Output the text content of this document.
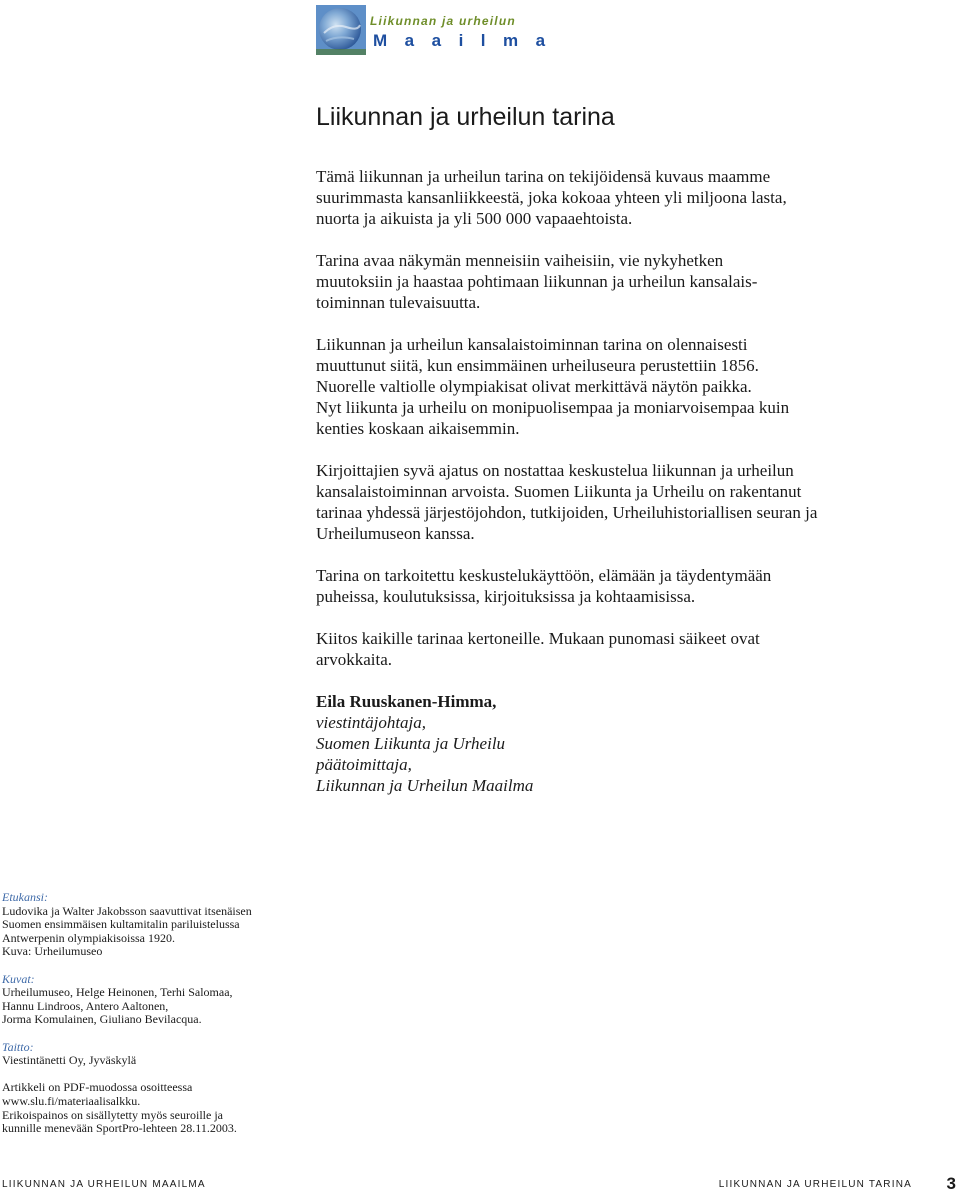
Liikunnan ja urheilun
Maailma
Liikunnan ja urheilun tarina

Tämä liikunnan ja urheilun tarina on tekijöidensä kuvaus maamme
suurimmasta kansanliikkeestä, joka kokoaa yhteen yli miljoona lasta,
nuorta ja aikuista ja yli 500 000 vapaaehtoista.

Tarina avaa näkymän menneisiin vaiheisiin, vie nykyhetken
muutoksiin ja haastaa pohtimaan liikunnan ja urheilun kansalais-
toiminnan tulevaisuutta.

Liikunnan ja urheilun kansalaistoiminnan tarina on olennaisesti
muuttunut siitä, kun ensimmäinen urheiluseura perustettiin 1856.
Nuorelle valtiolle olympiakisat olivat merkittävä näytön paikka.
Nyt liikunta ja urheilu on monipuolisempaa ja moniarvoisempaa kuin
kenties koskaan aikaisemmin.

Kirjoittajien syvä ajatus on nostattaa keskustelua liikunnan ja urheilun
kansalaistoiminnan arvoista. Suomen Liikunta ja Urheilu on rakentanut
tarinaa yhdessä järjestöjohdon, tutkijoiden, Urheiluhistoriallisen seuran ja
Urheilumuseon kanssa.

Tarina on tarkoitettu keskustelukäyttöön, elämään ja täydentymään
puheissa, koulutuksissa, kirjoituksissa ja kohtaamisissa.

Kiitos kaikille tarinaa kertoneille. Mukaan punomasi säikeet ovat
arvokkaita.

Eila Ruuskanen-Himma,
viestintäjohtaja,
Suomen Liikunta ja Urheilu
päätoimittaja,
Liikunnan ja Urheilun Maailma
Etukansi:
Ludovika ja Walter Jakobsson saavuttivat itsenäisen
Suomen ensimmäisen kultamitalin pariluistelussa
Antwerpenin olympiakisoissa 1920.
Kuva: Urheilumuseo
Kuvat:
Urheilumuseo, Helge Heinonen, Terhi Salomaa,
Hannu Lindroos, Antero Aaltonen,
Jorma Komulainen, Giuliano Bevilacqua.
Taitto:
Viestintänetti Oy, Jyväskylä
Artikkeli on PDF-muodossa osoitteessa
www.slu.fi/materiaalisalkku.
Erikoispainos on sisällytetty myös seuroille ja
kunnille menevään SportPro-lehteen 28.11.2003.
LIIKUNNAN JA URHEILUN MAAILMA	LIIKUNNAN JA URHEILUN TARINA 3
